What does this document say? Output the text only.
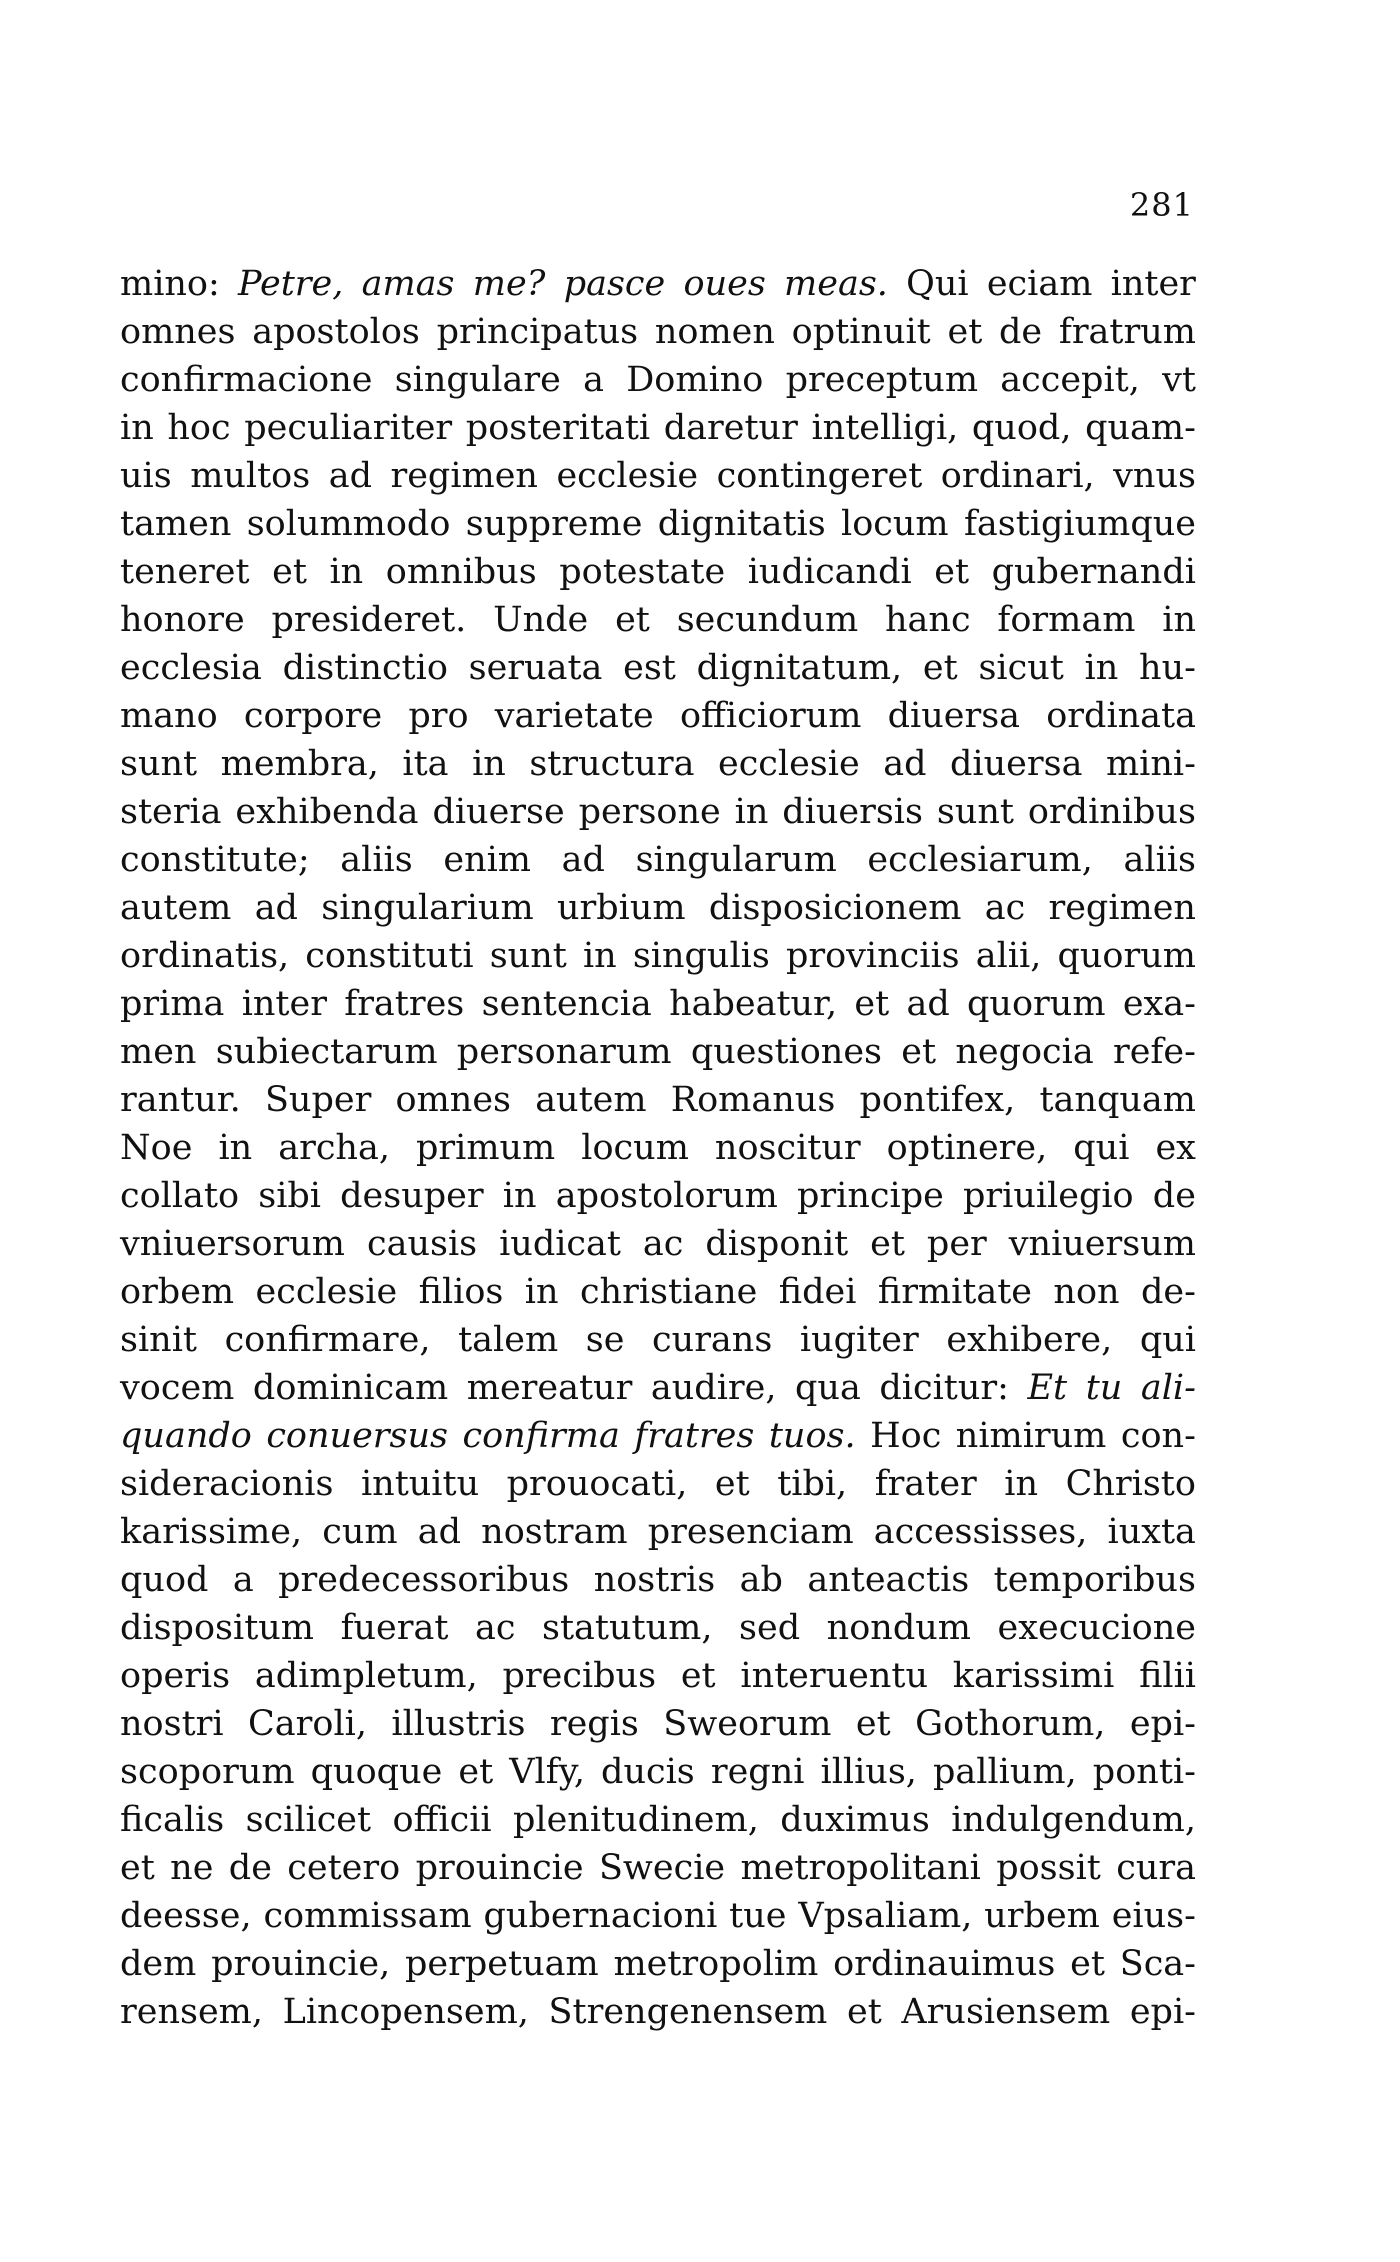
281
mino: Petre, amas me? pasce oues meas. Qui eciam inter
omnes apostolos principatus nomen optinuit et de fratrum
confirmacione singulare a Domino preceptum accepit, vt
in hoc peculiariter posteritati daretur intelligi, quod, quam-
uis multos ad regimen ecclesie contingeret ordinari, vnus
tamen solummodo suppreme dignitatis locum fastigiumque
teneret et in omnibus potestate iudicandi et gubernandi
honore presideret. Unde et secundum hanc formam in
ecclesia distinctio seruata est dignitatum, et sicut in hu-
mano corpore pro varietate officiorum diuersa ordinata
sunt membra, ita in structura ecclesie ad diuersa mini-
steria exhibenda diuerse persone in diuersis sunt ordinibus
constitute; aliis enim ad singularum ecclesiarum, aliis
autem ad singularium urbium disposicionem ac regimen
ordinatis, constituti sunt in singulis provinciis alii, quorum
prima inter fratres sentencia habeatur, et ad quorum exa-
men subiectarum personarum questiones et negocia refe-
rantur. Super omnes autem Romanus pontifex, tanquam
Noe in archa, primum locum noscitur optinere, qui ex
collato sibi desuper in apostolorum principe priuilegio de
vniuersorum causis iudicat ac disponit et per vniuersum
orbem ecclesie filios in christiane fidei firmitate non de-
sinit confirmare, talem se curans iugiter exhibere, qui
vocem dominicam mereatur audire, qua dicitur: Et tu ali-
quando conuersus confirma fratres tuos. Hoc nimirum con-
sideracionis intuitu prouocati, et tibi, frater in Christo
karissime, cum ad nostram presenciam accessisses, iuxta
quod a predecessoribus nostris ab anteactis temporibus
dispositum fuerat ac statutum, sed nondum execucione
operis adimpletum, precibus et interuentu karissimi filii
nostri Caroli, illustris regis Sweorum et Gothorum, epi-
scoporum quoque et Vlfy, ducis regni illius, pallium, ponti-
ficalis scilicet officii plenitudinem, duximus indulgendum,
et ne de cetero prouincie Swecie metropolitani possit cura
deesse, commissam gubernacioni tue Vpsaliam, urbem eius-
dem prouincie, perpetuam metropolim ordinauimus et Sca-
rensem, Lincopensem, Strengenensem et Arusiensem epi-
